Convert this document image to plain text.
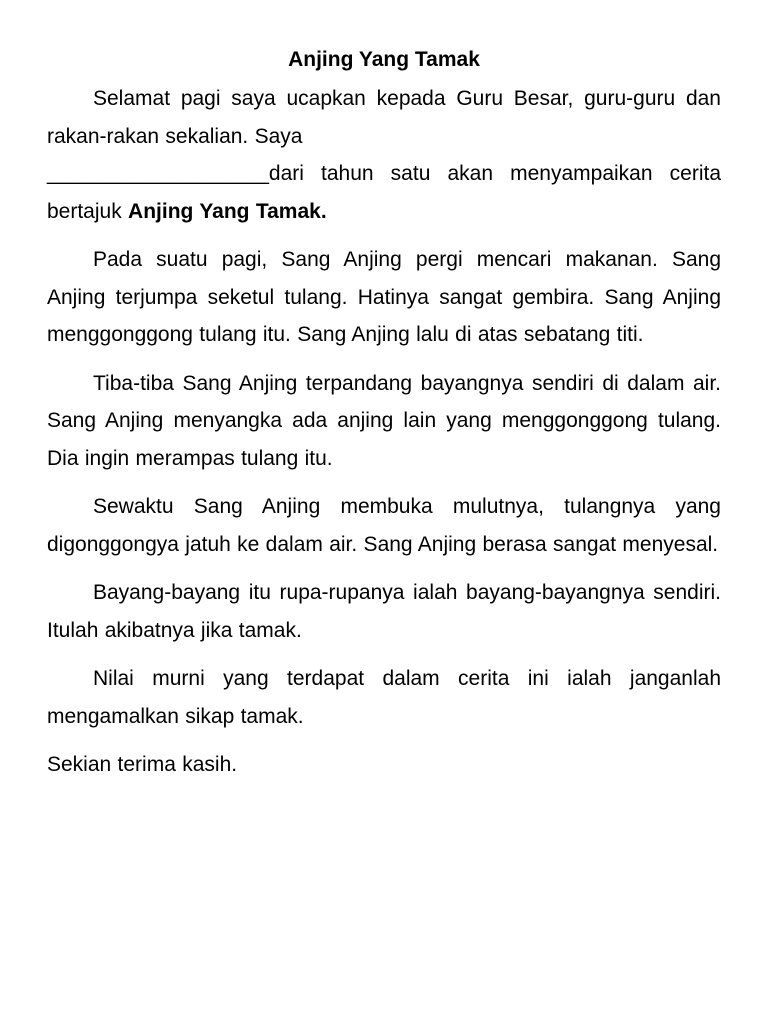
Anjing Yang Tamak

Selamat pagi saya ucapkan kepada Guru Besar, guru-guru dan rakan-rakan sekalian. Saya
___________________dari tahun satu akan menyampaikan cerita bertajuk Anjing Yang Tamak.

Pada suatu pagi, Sang Anjing pergi mencari makanan. Sang Anjing terjumpa seketul tulang. Hatinya sangat gembira. Sang Anjing menggonggong tulang itu. Sang Anjing lalu di atas sebatang titi.

Tiba-tiba Sang Anjing terpandang bayangnya sendiri di dalam air. Sang Anjing menyangka ada anjing lain yang menggonggong tulang. Dia ingin merampas tulang itu.

Sewaktu Sang Anjing membuka mulutnya, tulangnya yang digonggongya jatuh ke dalam air. Sang Anjing berasa sangat menyesal.

Bayang-bayang itu rupa-rupanya ialah bayang-bayangnya sendiri. Itulah akibatnya jika tamak.

Nilai murni yang terdapat dalam cerita ini ialah janganlah mengamalkan sikap tamak.

Sekian terima kasih.
